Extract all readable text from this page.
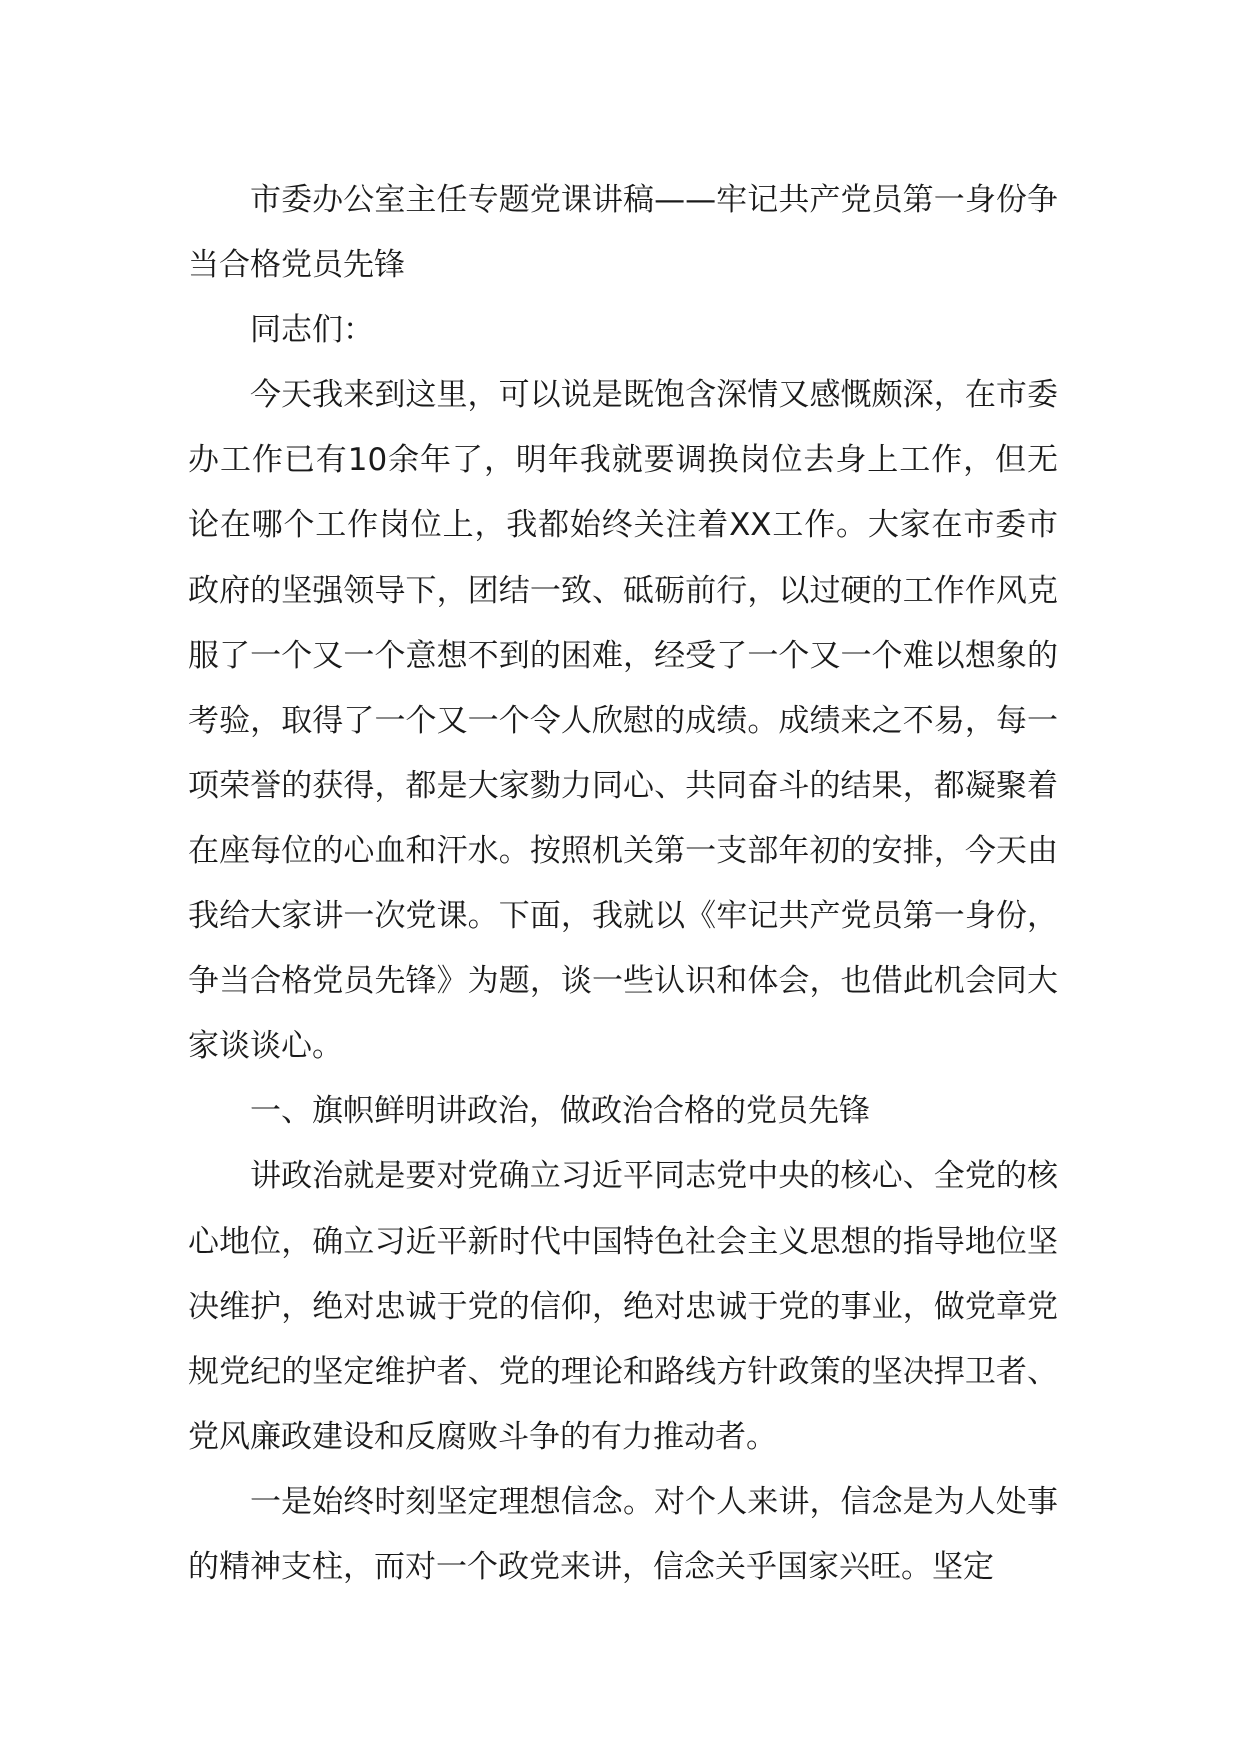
市委办公室主任专题党课讲稿——牢记共产党员第一身份争当合格党员先锋

同志们：

今天我来到这里，可以说是既饱含深情又感慨颇深，在市委办工作已有10余年了，明年我就要调换岗位去身上工作，但无论在哪个工作岗位上，我都始终关注着XX工作。大家在市委市政府的坚强领导下，团结一致、砥砺前行，以过硬的工作作风克服了一个又一个意想不到的困难，经受了一个又一个难以想象的考验，取得了一个又一个令人欣慰的成绩。成绩来之不易，每一项荣誉的获得，都是大家勠力同心、共同奋斗的结果，都凝聚着在座每位的心血和汗水。按照机关第一支部年初的安排，今天由我给大家讲一次党课。下面，我就以《牢记共产党员第一身份，争当合格党员先锋》为题，谈一些认识和体会，也借此机会同大家谈谈心。

一、旗帜鲜明讲政治，做政治合格的党员先锋

讲政治就是要对党确立习近平同志党中央的核心、全党的核心地位，确立习近平新时代中国特色社会主义思想的指导地位坚决维护，绝对忠诚于党的信仰，绝对忠诚于党的事业，做党章党规党纪的坚定维护者、党的理论和路线方针政策的坚决捍卫者、党风廉政建设和反腐败斗争的有力推动者。

一是始终时刻坚定理想信念。对个人来讲，信念是为人处事的精神支柱，而对一个政党来讲，信念关乎国家兴旺。坚定
